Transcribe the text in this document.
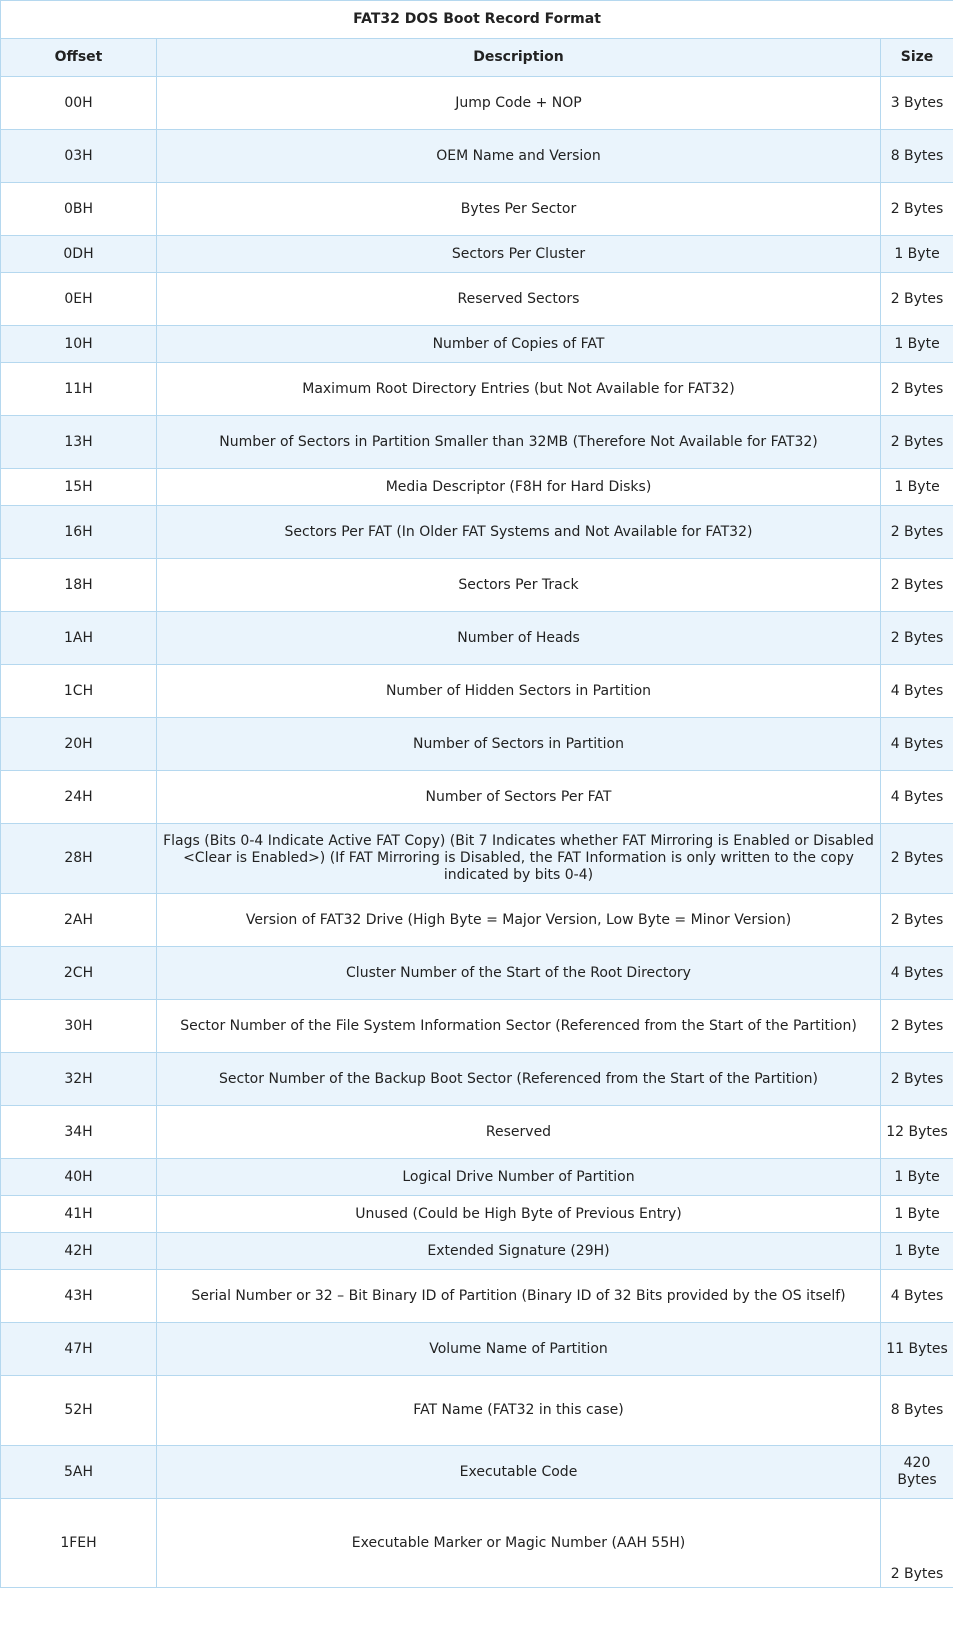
FAT32 DOS Boot Record Format		
Offset	Description	Size
00H	Jump Code + NOP	3 Bytes
03H	OEM Name and Version	8 Bytes
0BH	Bytes Per Sector	2 Bytes
0DH	Sectors Per Cluster	1 Byte
0EH	Reserved Sectors	2 Bytes
10H	Number of Copies of FAT	1 Byte
11H	Maximum Root Directory Entries (but Not Available for FAT32)	2 Bytes
13H	Number of Sectors in Partition Smaller than 32MB (Therefore Not Available for FAT32)	2 Bytes
15H	Media Descriptor (F8H for Hard Disks)	1 Byte
16H	Sectors Per FAT (In Older FAT Systems and Not Available for FAT32)	2 Bytes
18H	Sectors Per Track	2 Bytes
1AH	Number of Heads	2 Bytes
1CH	Number of Hidden Sectors in Partition	4 Bytes
20H	Number of Sectors in Partition	4 Bytes
24H	Number of Sectors Per FAT	4 Bytes
28H	Flags (Bits 0-4 Indicate Active FAT Copy) (Bit 7 Indicates whether FAT Mirroring is Enabled or Disabled <Clear is Enabled>) (If FAT Mirroring is Disabled, the FAT Information is only written to the copy indicated by bits 0-4)	2 Bytes
2AH	Version of FAT32 Drive (High Byte = Major Version, Low Byte = Minor Version)	2 Bytes
2CH	Cluster Number of the Start of the Root Directory	4 Bytes
30H	Sector Number of the File System Information Sector (Referenced from the Start of the Partition)	2 Bytes
32H	Sector Number of the Backup Boot Sector (Referenced from the Start of the Partition)	2 Bytes
34H	Reserved	12 Bytes
40H	Logical Drive Number of Partition	1 Byte
41H	Unused (Could be High Byte of Previous Entry)	1 Byte
42H	Extended Signature (29H)	1 Byte
43H	Serial Number or 32 – Bit Binary ID of Partition (Binary ID of 32 Bits provided by the OS itself)	4 Bytes
47H	Volume Name of Partition	11 Bytes
52H	FAT Name (FAT32 in this case)	8 Bytes
5AH	Executable Code	420 Bytes
1FEH	Executable Marker or Magic Number (AAH 55H)	2 Bytes
